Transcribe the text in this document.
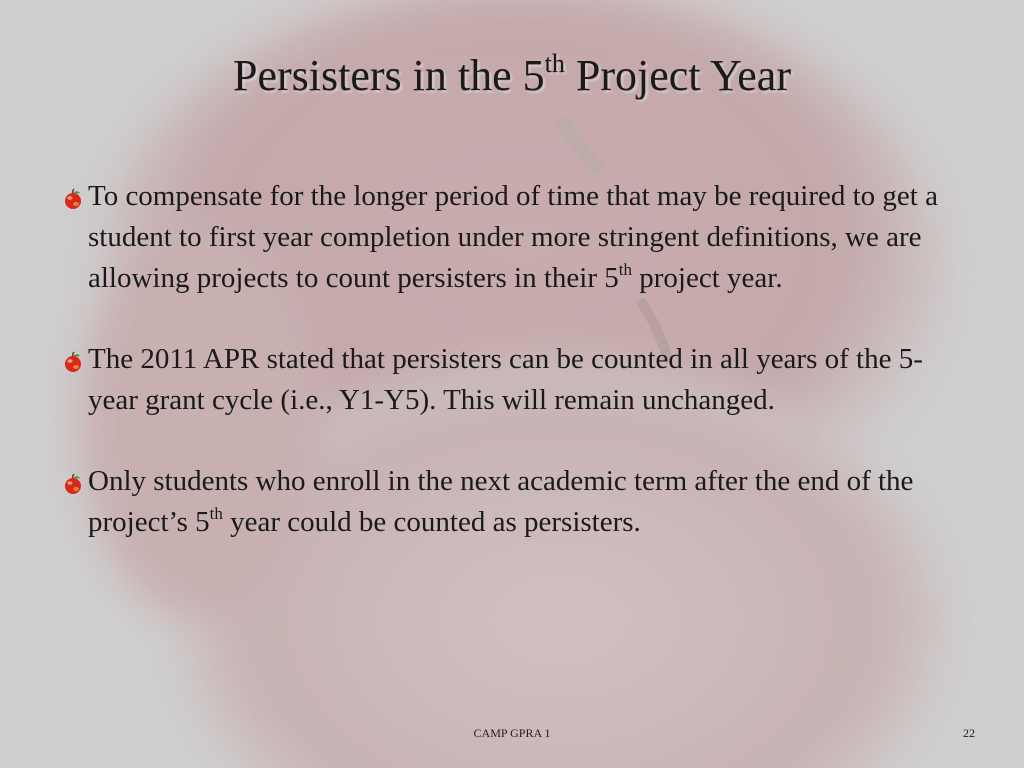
Persisters in the 5th Project Year
To compensate for the longer period of time that may be required to get a student to first year completion under more stringent definitions, we are allowing projects to count persisters in their 5th project year.
The 2011 APR stated that persisters can be counted in all years of the 5-year grant cycle (i.e., Y1-Y5). This will remain unchanged.
Only students who enroll in the next academic term after the end of the project’s 5th year could be counted as persisters.
CAMP GPRA 1	22
